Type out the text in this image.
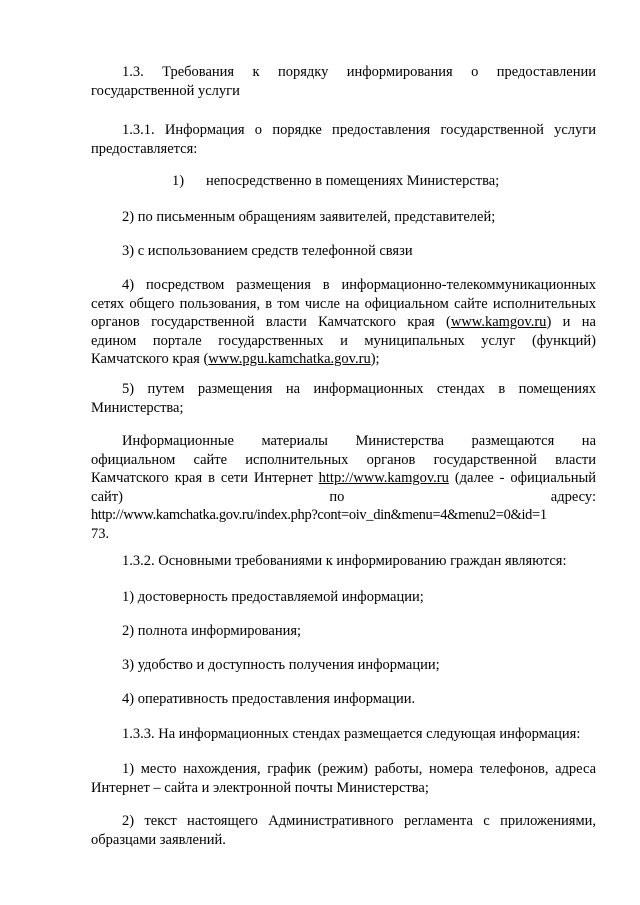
1.3. Требования к порядку информирования о предоставлении
государственной услуги
1.3.1. Информация о порядке предоставления государственной услуги
предоставляется:
1) непосредственно в помещениях Министерства;
2) по письменным обращениям заявителей, представителей;
3) с использованием средств телефонной связи
4) посредством размещения в информационно-телекоммуникационных
сетях общего пользования, в том числе на официальном сайте исполнительных
органов государственной власти Камчатского края (www.kamgov.ru) и на
едином портале государственных и муниципальных услуг (функций)
Камчатского края (www.pgu.kamchatka.gov.ru);
5) путем размещения на информационных стендах в помещениях
Министерства;
Информационные материалы Министерства размещаются на
официальном сайте исполнительных органов государственной власти
Камчатского края в сети Интернет http://www.kamgov.ru (далее - официальный
сайт) по адресу:
http://www.kamchatka.gov.ru/index.php?cont=oiv_din&menu=4&menu2=0&id=1
73.
1.3.2. Основными требованиями к информированию граждан являются:
1) достоверность предоставляемой информации;
2) полнота информирования;
3) удобство и доступность получения информации;
4) оперативность предоставления информации.
1.3.3. На информационных стендах размещается следующая информация:
1) место нахождения, график (режим) работы, номера телефонов, адреса
Интернет – сайта и электронной почты Министерства;
2) текст настоящего Административного регламента с приложениями,
образцами заявлений.
